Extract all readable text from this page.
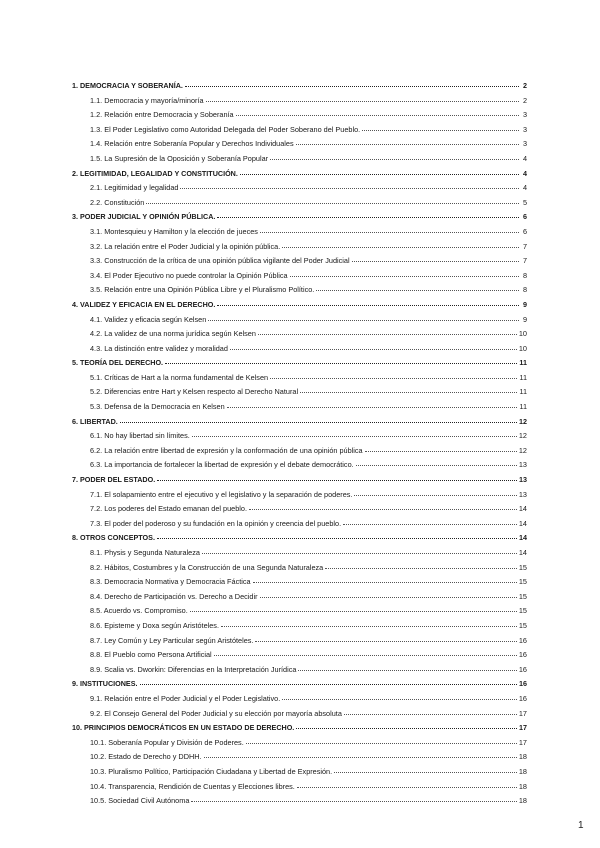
1. DEMOCRACIA Y SOBERANÍA.	2
1.1. Democracia y mayoría/minoría	2
1.2. Relación entre Democracia y Soberanía	3
1.3. El Poder Legislativo como Autoridad Delegada del Poder Soberano del Pueblo.	3
1.4. Relación entre Soberanía Popular y Derechos Individuales	3
1.5. La Supresión de la Oposición y Soberanía Popular	4
2. LEGITIMIDAD, LEGALIDAD Y CONSTITUCIÓN.	4
2.1. Legitimidad y legalidad	4
2.2. Constitución	5
3. PODER JUDICIAL Y OPINIÓN PÚBLICA.	6
3.1. Montesquieu y Hamilton y la elección de jueces	6
3.2. La relación entre el Poder Judicial y la opinión pública.	7
3.3. Construcción de la crítica de una opinión pública vigilante del Poder Judicial	7
3.4. El Poder Ejecutivo no puede controlar la Opinión Pública	8
3.5. Relación entre una Opinión Pública Libre y el Pluralismo Político.	8
4. VALIDEZ Y EFICACIA EN EL DERECHO.	9
4.1. Validez y eficacia según Kelsen	9
4.2. La validez de una norma jurídica según Kelsen	10
4.3. La distinción entre validez y moralidad	10
5. TEORÍA DEL DERECHO.	11
5.1. Críticas de Hart a la norma fundamental de Kelsen	11
5.2. Diferencias entre Hart y Kelsen respecto al Derecho Natural	11
5.3. Defensa de la Democracia en Kelsen	11
6. LIBERTAD.	12
6.1. No hay libertad sin límites.	12
6.2. La relación entre libertad de expresión y la conformación de una opinión pública	12
6.3. La importancia de fortalecer la libertad de expresión y el debate democrático.	13
7. PODER DEL ESTADO.	13
7.1. El solapamiento entre el ejecutivo y el legislativo y la separación de poderes.	13
7.2. Los poderes del Estado emanan del pueblo.	14
7.3. El poder del poderoso y su fundación en la opinión y creencia del pueblo.	14
8. OTROS CONCEPTOS.	14
8.1. Physis y Segunda Naturaleza	14
8.2. Hábitos, Costumbres y la Construcción de una Segunda Naturaleza	15
8.3. Democracia Normativa y Democracia Fáctica	15
8.4. Derecho de Participación vs. Derecho a Decidir	15
8.5. Acuerdo vs. Compromiso.	15
8.6. Episteme y Doxa según Aristóteles.	15
8.7. Ley Común y Ley Particular según Aristóteles.	16
8.8. El Pueblo como Persona Artificial	16
8.9. Scalia vs. Dworkin: Diferencias en la Interpretación Jurídica	16
9. INSTITUCIONES.	16
9.1. Relación entre el Poder Judicial y el Poder Legislativo.	16
9.2. El Consejo General del Poder Judicial y su elección por mayoría absoluta	17
10. PRINCIPIOS DEMOCRÁTICOS EN UN ESTADO DE DERECHO.	17
10.1. Soberanía Popular y División de Poderes.	17
10.2. Estado de Derecho y DDHH.	18
10.3. Pluralismo Político, Participación Ciudadana y Libertad de Expresión.	18
10.4. Transparencia, Rendición de Cuentas y Elecciones libres.	18
10.5. Sociedad Civil Autónoma	18
1
